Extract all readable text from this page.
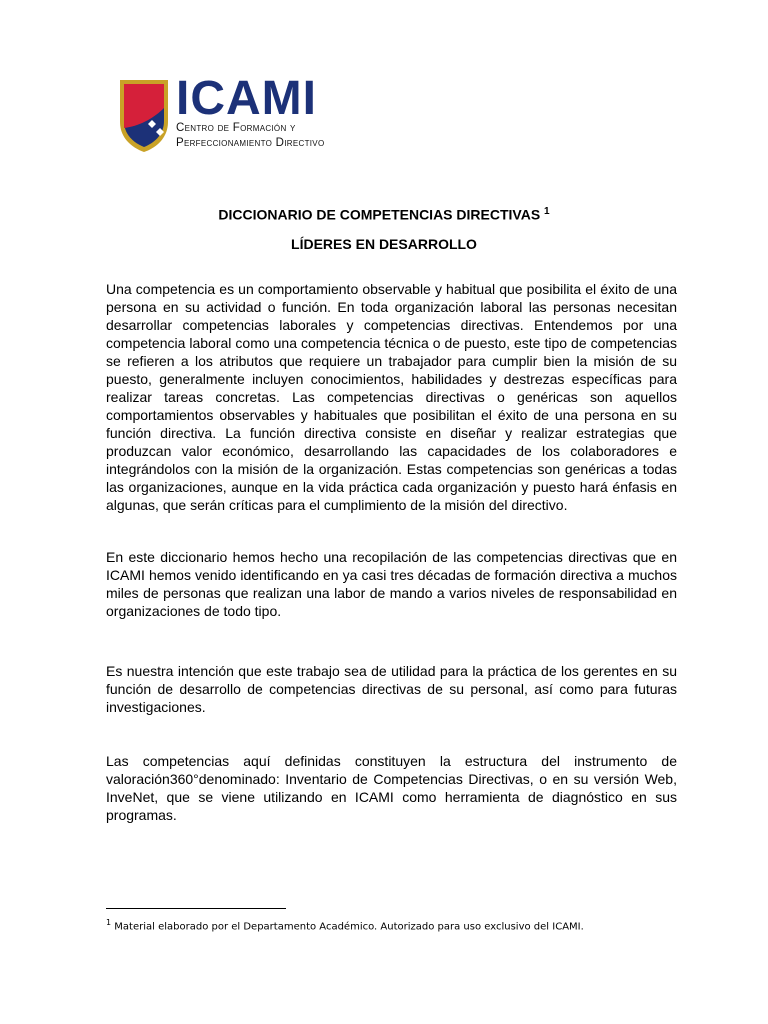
ICAMI
Centro de Formación y
Perfeccionamiento Directivo
DICCIONARIO DE COMPETENCIAS DIRECTIVAS $^1$
LÍDERES EN DESARROLLO

Una competencia es un comportamiento observable y habitual que posibilita el éxito de una persona en su actividad o función. En toda organización laboral las personas necesitan desarrollar competencias laborales y competencias directivas. Entendemos por una competencia laboral como una competencia técnica o de puesto, este tipo de competencias se refieren a los atributos que requiere un trabajador para cumplir bien la misión de su puesto, generalmente incluyen conocimientos, habilidades y destrezas específicas para realizar tareas concretas. Las competencias directivas o genéricas son aquellos comportamientos observables y habituales que posibilitan el éxito de una persona en su función directiva. La función directiva consiste en diseñar y realizar estrategias que produzcan valor económico, desarrollando las capacidades de los colaboradores e integrándolos con la misión de la organización. Estas competencias son genéricas a todas las organizaciones, aunque en la vida práctica cada organización y puesto hará énfasis en algunas, que serán críticas para el cumplimiento de la misión del directivo.

En este diccionario hemos hecho una recopilación de las competencias directivas que en ICAMI hemos venido identificando en ya casi tres décadas de formación directiva a muchos miles de personas que realizan una labor de mando a varios niveles de responsabilidad en organizaciones de todo tipo.

Es nuestra intención que este trabajo sea de utilidad para la práctica de los gerentes en su función de desarrollo de competencias directivas de su personal, así como para futuras investigaciones.

Las competencias aquí definidas constituyen la estructura del instrumento de valoración360°denominado: Inventario de Competencias Directivas, o en su versión Web, InveNet, que se viene utilizando en ICAMI como herramienta de diagnóstico en sus programas.

$^1$ Material elaborado por el Departamento Académico. Autorizado para uso exclusivo del ICAMI.
